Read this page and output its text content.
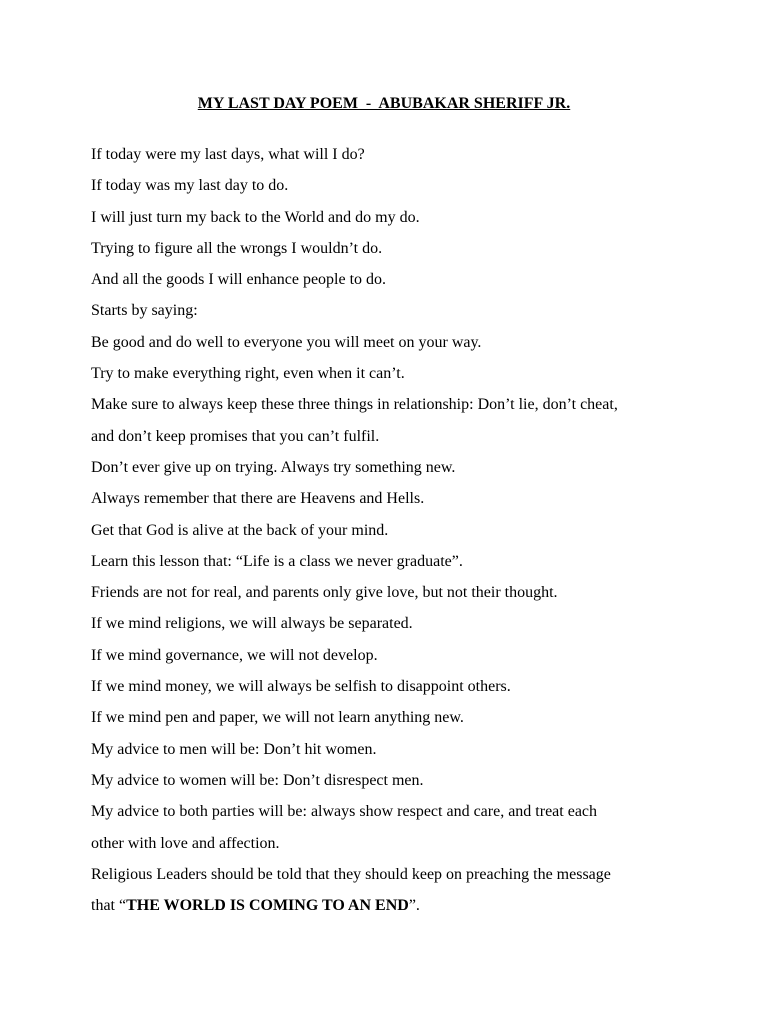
MY LAST DAY POEM  -  ABUBAKAR SHERIFF JR.

If today were my last days, what will I do?

If today was my last day to do.

I will just turn my back to the World and do my do.

Trying to figure all the wrongs I wouldn’t do.

And all the goods I will enhance people to do.

Starts by saying:

Be good and do well to everyone you will meet on your way.

Try to make everything right, even when it can’t.

Make sure to always keep these three things in relationship: Don’t lie, don’t cheat,

and don’t keep promises that you can’t fulfil.

Don’t ever give up on trying. Always try something new.

Always remember that there are Heavens and Hells.

Get that God is alive at the back of your mind.

Learn this lesson that: “Life is a class we never graduate”.

Friends are not for real, and parents only give love, but not their thought.

If we mind religions, we will always be separated.

If we mind governance, we will not develop.

If we mind money, we will always be selfish to disappoint others.

If we mind pen and paper, we will not learn anything new.

My advice to men will be: Don’t hit women.

My advice to women will be: Don’t disrespect men.

My advice to both parties will be: always show respect and care, and treat each

other with love and affection.

Religious Leaders should be told that they should keep on preaching the message

that “THE WORLD IS COMING TO AN END”.
